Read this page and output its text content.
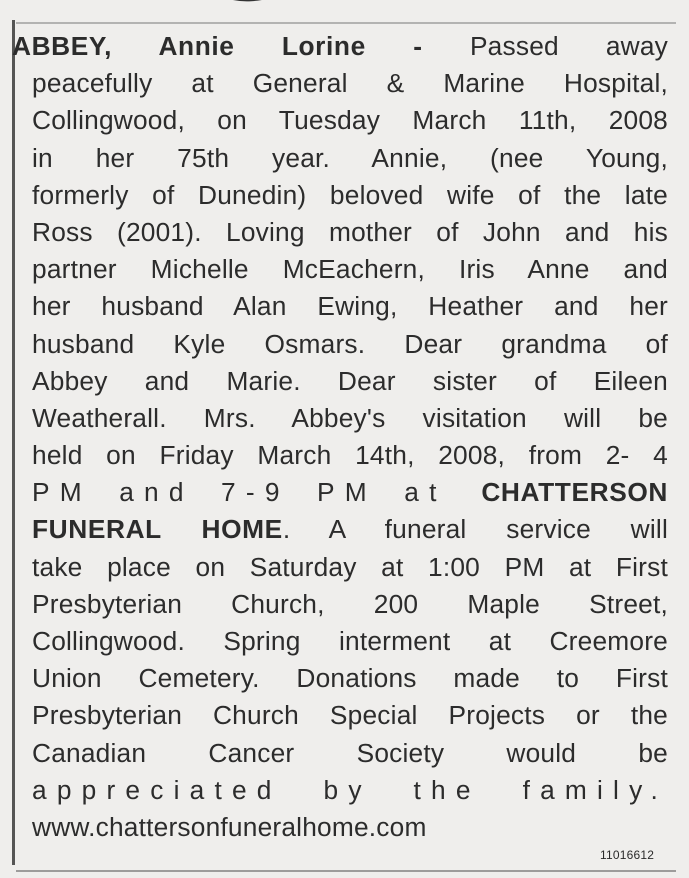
ABBEY, Annie Lorine - Passed away
peacefully at General & Marine Hospital,
Collingwood, on Tuesday March 11th, 2008
in her 75th year. Annie, (nee Young,
formerly of Dunedin) beloved wife of the late
Ross (2001). Loving mother of John and his
partner Michelle McEachern, Iris Anne and
her husband Alan Ewing, Heather and her
husband Kyle Osmars. Dear grandma of
Abbey and Marie. Dear sister of Eileen
Weatherall. Mrs. Abbey's visitation will be
held on Friday March 14th, 2008, from 2- 4
PM and 7-9 PM at CHATTERSON
FUNERAL HOME. A funeral service will
take place on Saturday at 1:00 PM at First
Presbyterian Church, 200 Maple Street,
Collingwood. Spring interment at Creemore
Union Cemetery. Donations made to First
Presbyterian Church Special Projects or the
Canadian Cancer Society would be
appreciated by the family.
www.chattersonfuneralhome.com
11016612
